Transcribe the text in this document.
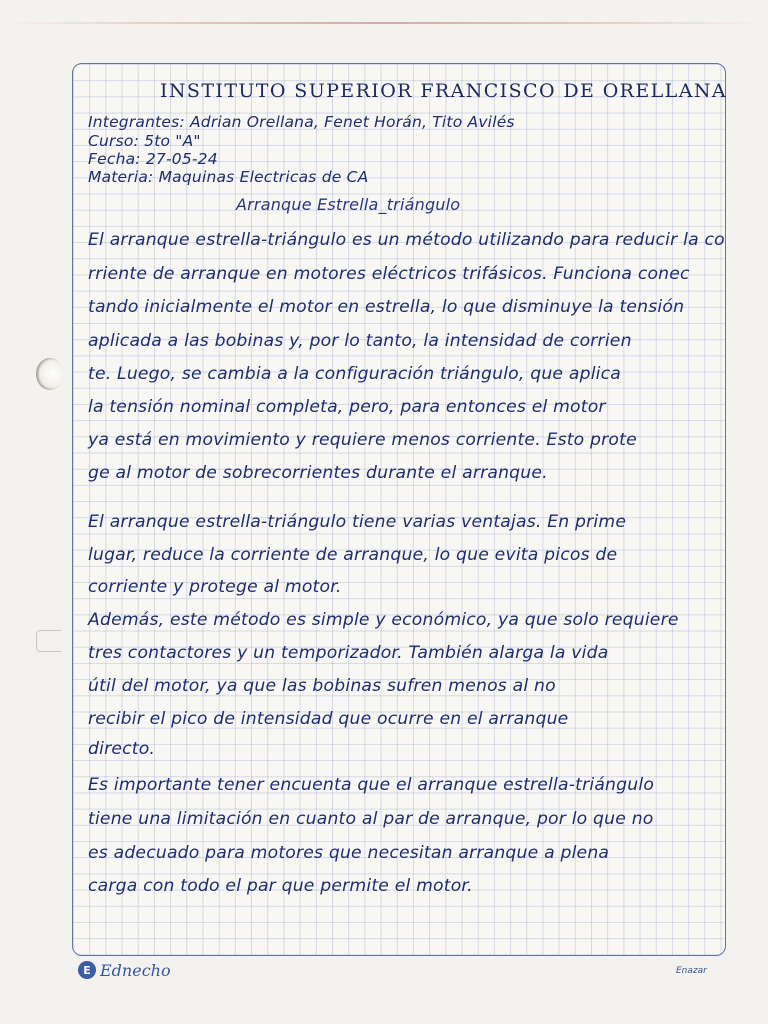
INSTITUTO SUPERIOR FRANCISCO DE ORELLANA

Integrantes: Adrian Orellana, Fenet Horán, Tito Avilés

Curso: 5to "A"

Fecha: 27-05-24

Materia: Maquinas Electricas de CA

Arranque Estrella_triángulo

El arranque estrella-triángulo es un método utilizando para reducir la co

rriente de arranque en motores eléctricos trifásicos. Funciona conec

tando inicialmente el motor en estrella, lo que disminuye la tensión

aplicada a las bobinas y, por lo tanto, la intensidad de corrien

te. Luego, se cambia a la configuración triángulo, que aplica

la tensión nominal completa, pero, para entonces el motor

ya está en movimiento y requiere menos corriente. Esto prote

ge al motor de sobrecorrientes durante el arranque.

El arranque estrella-triángulo tiene varias ventajas. En prime

lugar, reduce la corriente de arranque, lo que evita picos de

corriente y protege al motor.

Además, este método es simple y económico, ya que solo requiere

tres contactores y un temporizador. También alarga la vida

útil del motor, ya que las bobinas sufren menos al no

recibir el pico de intensidad que ocurre en el arranque

directo.

Es importante tener encuenta que el arranque estrella-triángulo

tiene una limitación en cuanto al par de arranque, por lo que no

es adecuado para motores que necesitan arranque a plena

carga con todo el par que permite el motor.

E Ednecho	Enazar
